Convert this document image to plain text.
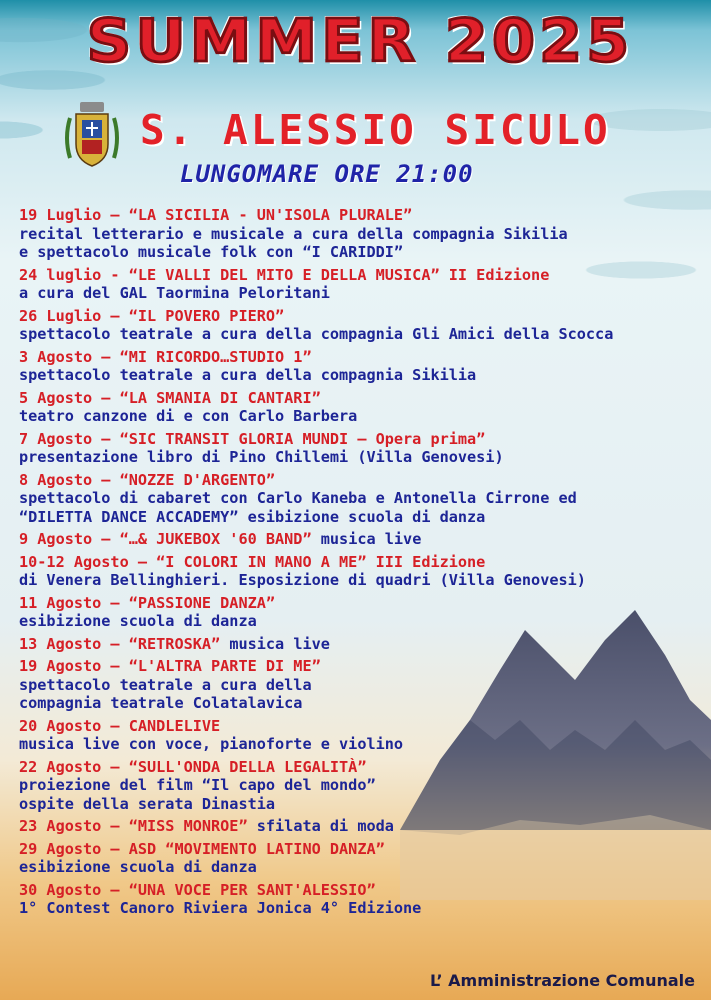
SUMMER 2025
S. ALESSIO SICULO
LUNGOMARE ORE 21:00
19 Luglio – “LA SICILIA - UN'ISOLA PLURALE”
recital letterario e musicale a cura della compagnia Sikilia
e spettacolo musicale folk con “I CARIDDI”
24 luglio - “LE VALLI DEL MITO E DELLA MUSICA” II Edizione
a cura del GAL Taormina Peloritani
26 Luglio – “IL POVERO PIERO”
spettacolo teatrale a cura della compagnia Gli Amici della Scocca
3 Agosto – “MI RICORDO…STUDIO 1”
spettacolo teatrale a cura della compagnia Sikilia
5 Agosto – “LA SMANIA DI CANTARI”
teatro canzone di e con Carlo Barbera
7 Agosto – “SIC TRANSIT GLORIA MUNDI – Opera prima”
presentazione libro di Pino Chillemi (Villa Genovesi)
8 Agosto – “NOZZE D'ARGENTO”
spettacolo di cabaret con Carlo Kaneba e Antonella Cirrone ed
“DILETTA DANCE ACCADEMY” esibizione scuola di danza
9 Agosto – “…& JUKEBOX '60 BAND” musica live
10-12 Agosto – “I COLORI IN MANO A ME” III Edizione
di Venera Bellinghieri. Esposizione di quadri (Villa Genovesi)
11 Agosto – “PASSIONE DANZA”
esibizione scuola di danza
13 Agosto – “RETROSKA” musica live
19 Agosto – “L'ALTRA PARTE DI ME”
spettacolo teatrale a cura della
compagnia teatrale Colatalavica
20 Agosto – CANDLELIVE
musica live con voce, pianoforte e violino
22 Agosto – “SULL'ONDA DELLA LEGALITÀ”
proiezione del film “Il capo del mondo”
ospite della serata Dinastia
23 Agosto – “MISS MONROE” sfilata di moda
29 Agosto – ASD “MOVIMENTO LATINO DANZA”
esibizione scuola di danza
30 Agosto – “UNA VOCE PER SANT'ALESSIO”
1° Contest Canoro Riviera Jonica 4° Edizione
L’ Amministrazione Comunale
